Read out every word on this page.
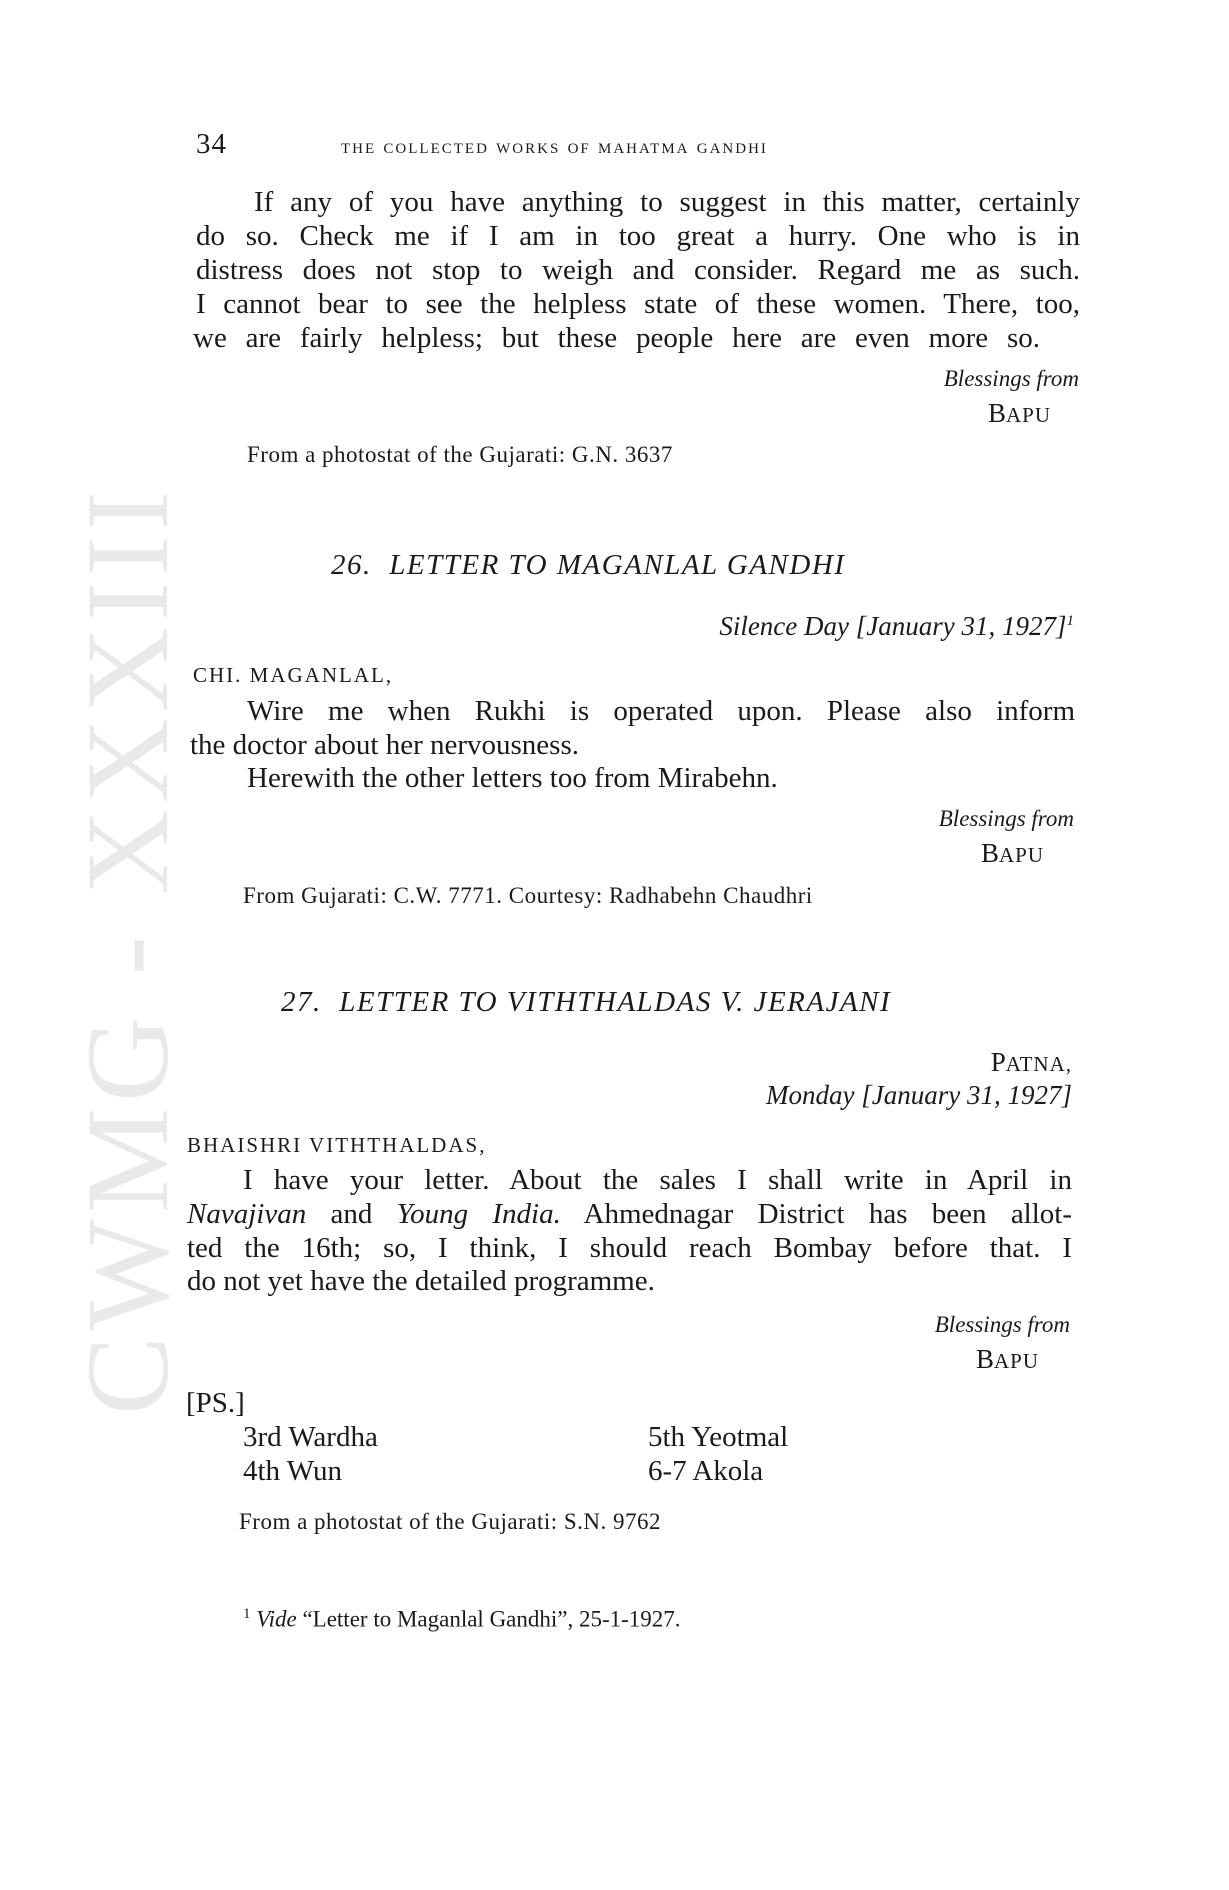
CWMG - XXXIII
34	the collected works of mahatma gandhi
If any of you have anything to suggest in this matter, certainly
do so. Check me if I am in too great a hurry. One who is in
distress does not stop to weigh and consider. Regard me as such.
I cannot bear to see the helpless state of these women. There, too,
we are fairly helpless; but these people here are even more so.
Blessings from
BAPU
From a photostat of the Gujarati: G.N. 3637
26. LETTER TO MAGANLAL GANDHI
Silence Day [January 31, 1927]$^1$
CHI. MAGANLAL,
Wire me when Rukhi is operated upon. Please also inform
the doctor about her nervousness.
Herewith the other letters too from Mirabehn.
Blessings from
BAPU
From Gujarati: C.W. 7771. Courtesy: Radhabehn Chaudhri
27. LETTER TO VITHTHALDAS V. JERAJANI
PATNA,
Monday [January 31, 1927]
BHAISHRI VITHTHALDAS,
I have your letter. About the sales I shall write in April in
Navajivan and Young India. Ahmednagar District has been allot-
ted the 16th; so, I think, I should reach Bombay before that. I
do not yet have the detailed programme.
Blessings from
BAPU
[PS.]
3rd Wardha
4th Wun
5th Yeotmal
6-7 Akola
From a photostat of the Gujarati: S.N. 9762
$^1$ Vide “Letter to Maganlal Gandhi”, 25-1-1927.
